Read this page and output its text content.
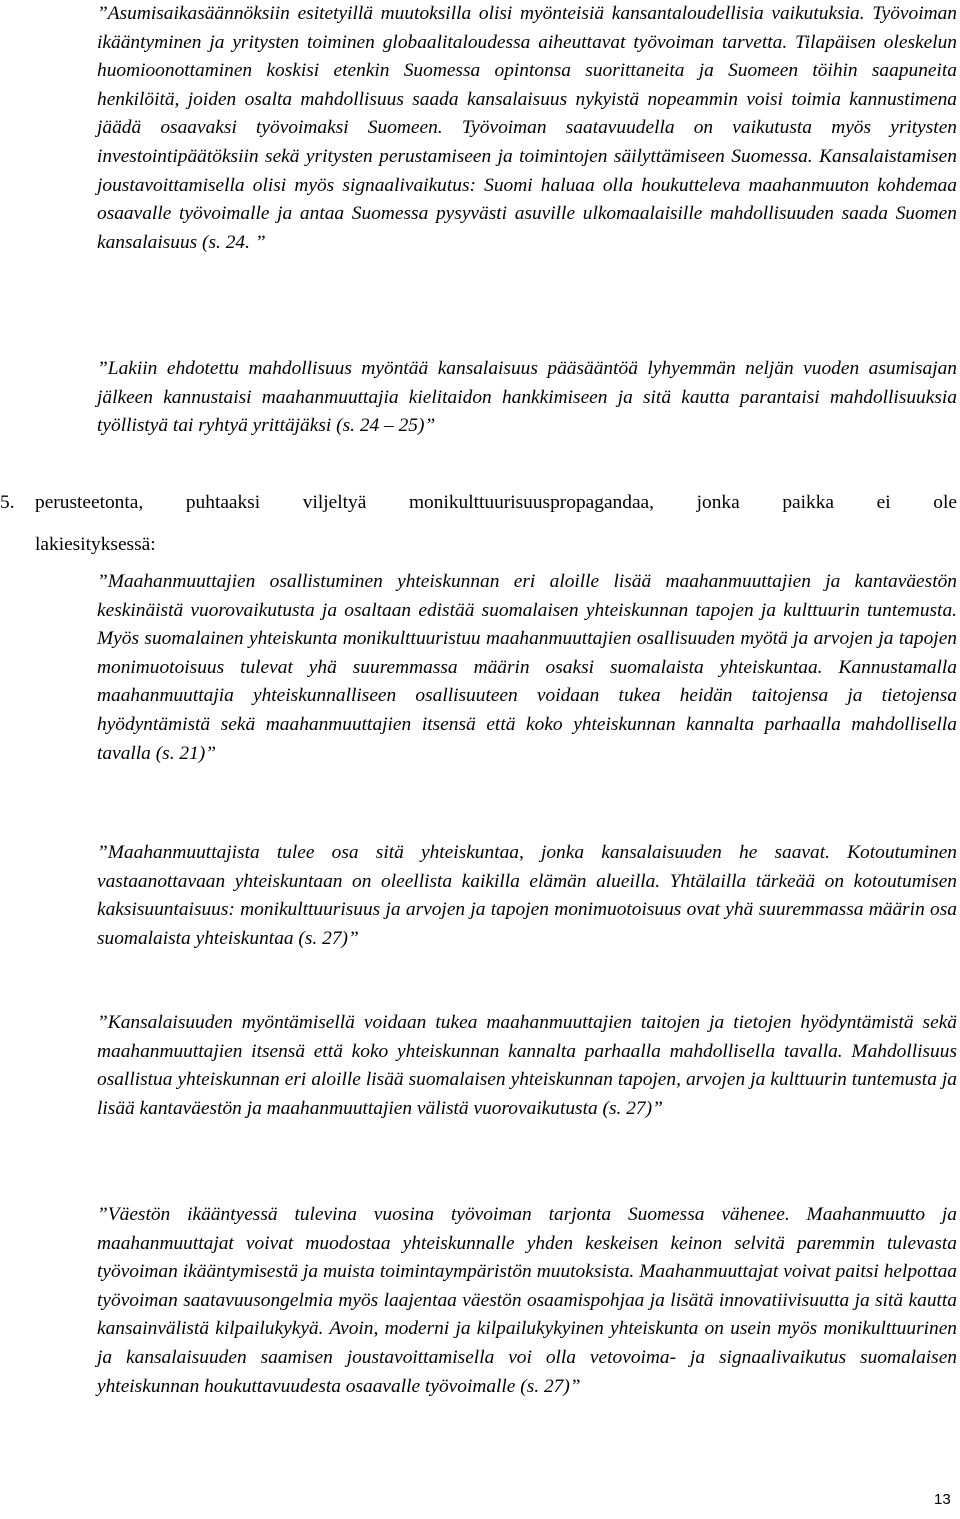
”Asumisaikasäännöksiin esitetyillä muutoksilla olisi myönteisiä kansantaloudellisia vaikutuksia. Työvoiman ikääntyminen ja yritysten toiminen globaalitaloudessa aiheuttavat työvoiman tarvetta. Tilapäisen oleskelun huomioonottaminen koskisi etenkin Suomessa opintonsa suorittaneita ja Suomeen töihin saapuneita henkilöitä, joiden osalta mahdollisuus saada kansalaisuus nykyistä nopeammin voisi toimia kannustimena jäädä osaavaksi työvoimaksi Suomeen. Työvoiman saatavuudella on vaikutusta myös yritysten investointipäätöksiin sekä yritysten perustamiseen ja toimintojen säilyttämiseen Suomessa. Kansalaistamisen joustavoittamisella olisi myös signaalivaikutus: Suomi haluaa olla houkutteleva maahanmuuton kohdemaa osaavalle työvoimalle ja antaa Suomessa pysyvästi asuville ulkomaalaisille mahdollisuuden saada Suomen kansalaisuus (s. 24. ”

”Lakiin ehdotettu mahdollisuus myöntää kansalaisuus pääsääntöä lyhyemmän neljän vuoden asumisajan jälkeen kannustaisi maahanmuuttajia kielitaidon hankkimiseen ja sitä kautta parantaisi mahdollisuuksia työllistyä tai ryhtyä yrittäjäksi (s. 24 – 25)”

5.	perusteetonta, puhtaaksi viljeltyä monikulttuurisuuspropagandaa, jonka paikka ei ole
lakiesityksessä:

”Maahanmuuttajien osallistuminen yhteiskunnan eri aloille lisää maahanmuuttajien ja kantaväestön keskinäistä vuorovaikutusta ja osaltaan edistää suomalaisen yhteiskunnan tapojen ja kulttuurin tuntemusta. Myös suomalainen yhteiskunta monikulttuuristuu maahanmuuttajien osallisuuden myötä ja arvojen ja tapojen monimuotoisuus tulevat yhä suuremmassa määrin osaksi suomalaista yhteiskuntaa. Kannustamalla maahanmuuttajia yhteiskunnalliseen osallisuuteen voidaan tukea heidän taitojensa ja tietojensa hyödyntämistä sekä maahanmuuttajien itsensä että koko yhteiskunnan kannalta parhaalla mahdollisella tavalla (s. 21)”

”Maahanmuuttajista tulee osa sitä yhteiskuntaa, jonka kansalaisuuden he saavat. Kotoutuminen vastaanottavaan yhteiskuntaan on oleellista kaikilla elämän alueilla. Yhtälailla tärkeää on kotoutumisen kaksisuuntaisuus: monikulttuurisuus ja arvojen ja tapojen monimuotoisuus ovat yhä suuremmassa määrin osa suomalaista yhteiskuntaa (s. 27)”

”Kansalaisuuden myöntämisellä voidaan tukea maahanmuuttajien taitojen ja tietojen hyödyntämistä sekä maahanmuuttajien itsensä että koko yhteiskunnan kannalta parhaalla mahdollisella tavalla. Mahdollisuus osallistua yhteiskunnan eri aloille lisää suomalaisen yhteiskunnan tapojen, arvojen ja kulttuurin tuntemusta ja lisää kantaväestön ja maahanmuuttajien välistä vuorovaikutusta (s. 27)”

”Väestön ikääntyessä tulevina vuosina työvoiman tarjonta Suomessa vähenee. Maahanmuutto ja maahanmuuttajat voivat muodostaa yhteiskunnalle yhden keskeisen keinon selvitä paremmin tulevasta työvoiman ikääntymisestä ja muista toimintaympäristön muutoksista. Maahanmuuttajat voivat paitsi helpottaa työvoiman saatavuusongelmia myös laajentaa väestön osaamispohjaa ja lisätä innovatiivisuutta ja sitä kautta kansainvälistä kilpailukykyä. Avoin, moderni ja kilpailukykyinen yhteiskunta on usein myös monikulttuurinen ja kansalaisuuden saamisen joustavoittamisella voi olla vetovoima- ja signaalivaikutus suomalaisen yhteiskunnan houkuttavuudesta osaavalle työvoimalle (s. 27)”

13
